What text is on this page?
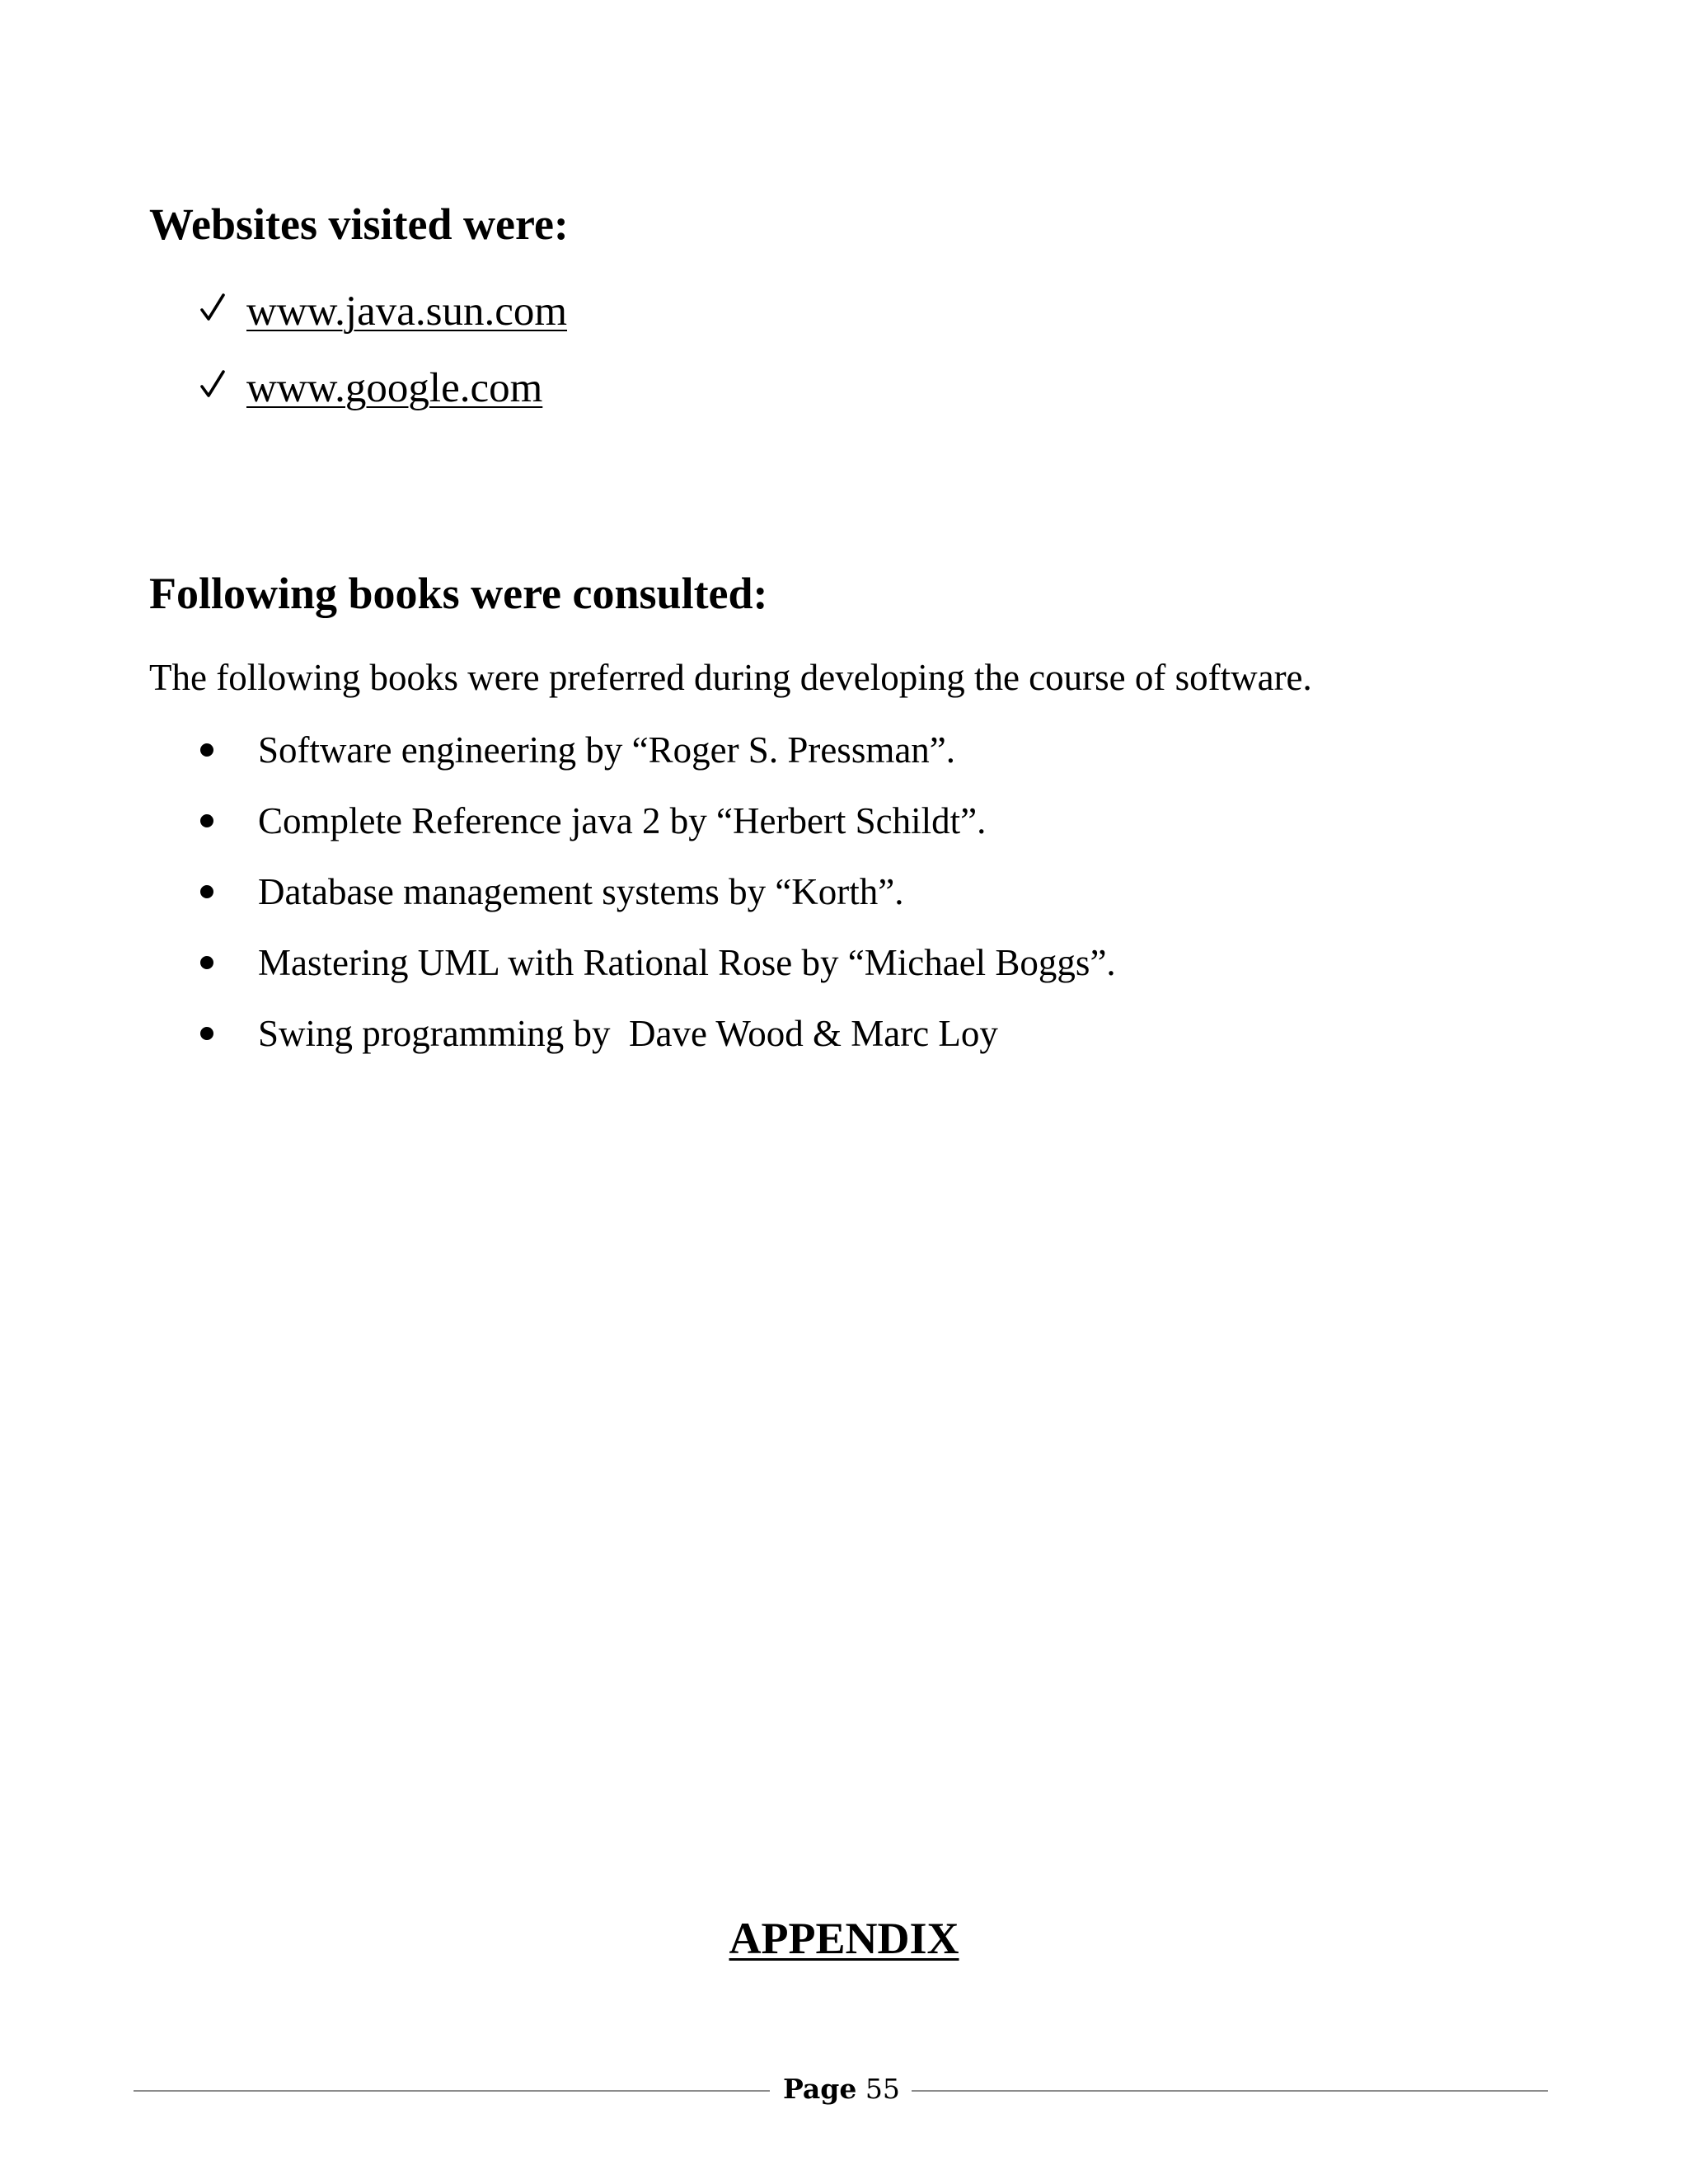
Websites visited were:
www.java.sun.com
www.google.com
Following books were consulted:

The following books were preferred during developing the course of software.

Software engineering by “Roger S. Pressman”.
Complete Reference java 2 by “Herbert Schildt”.
Database management systems by “Korth”.
Mastering UML with Rational Rose by “Michael Boggs”.
Swing programming by  Dave Wood & Marc Loy
APPENDIX
Page 55
